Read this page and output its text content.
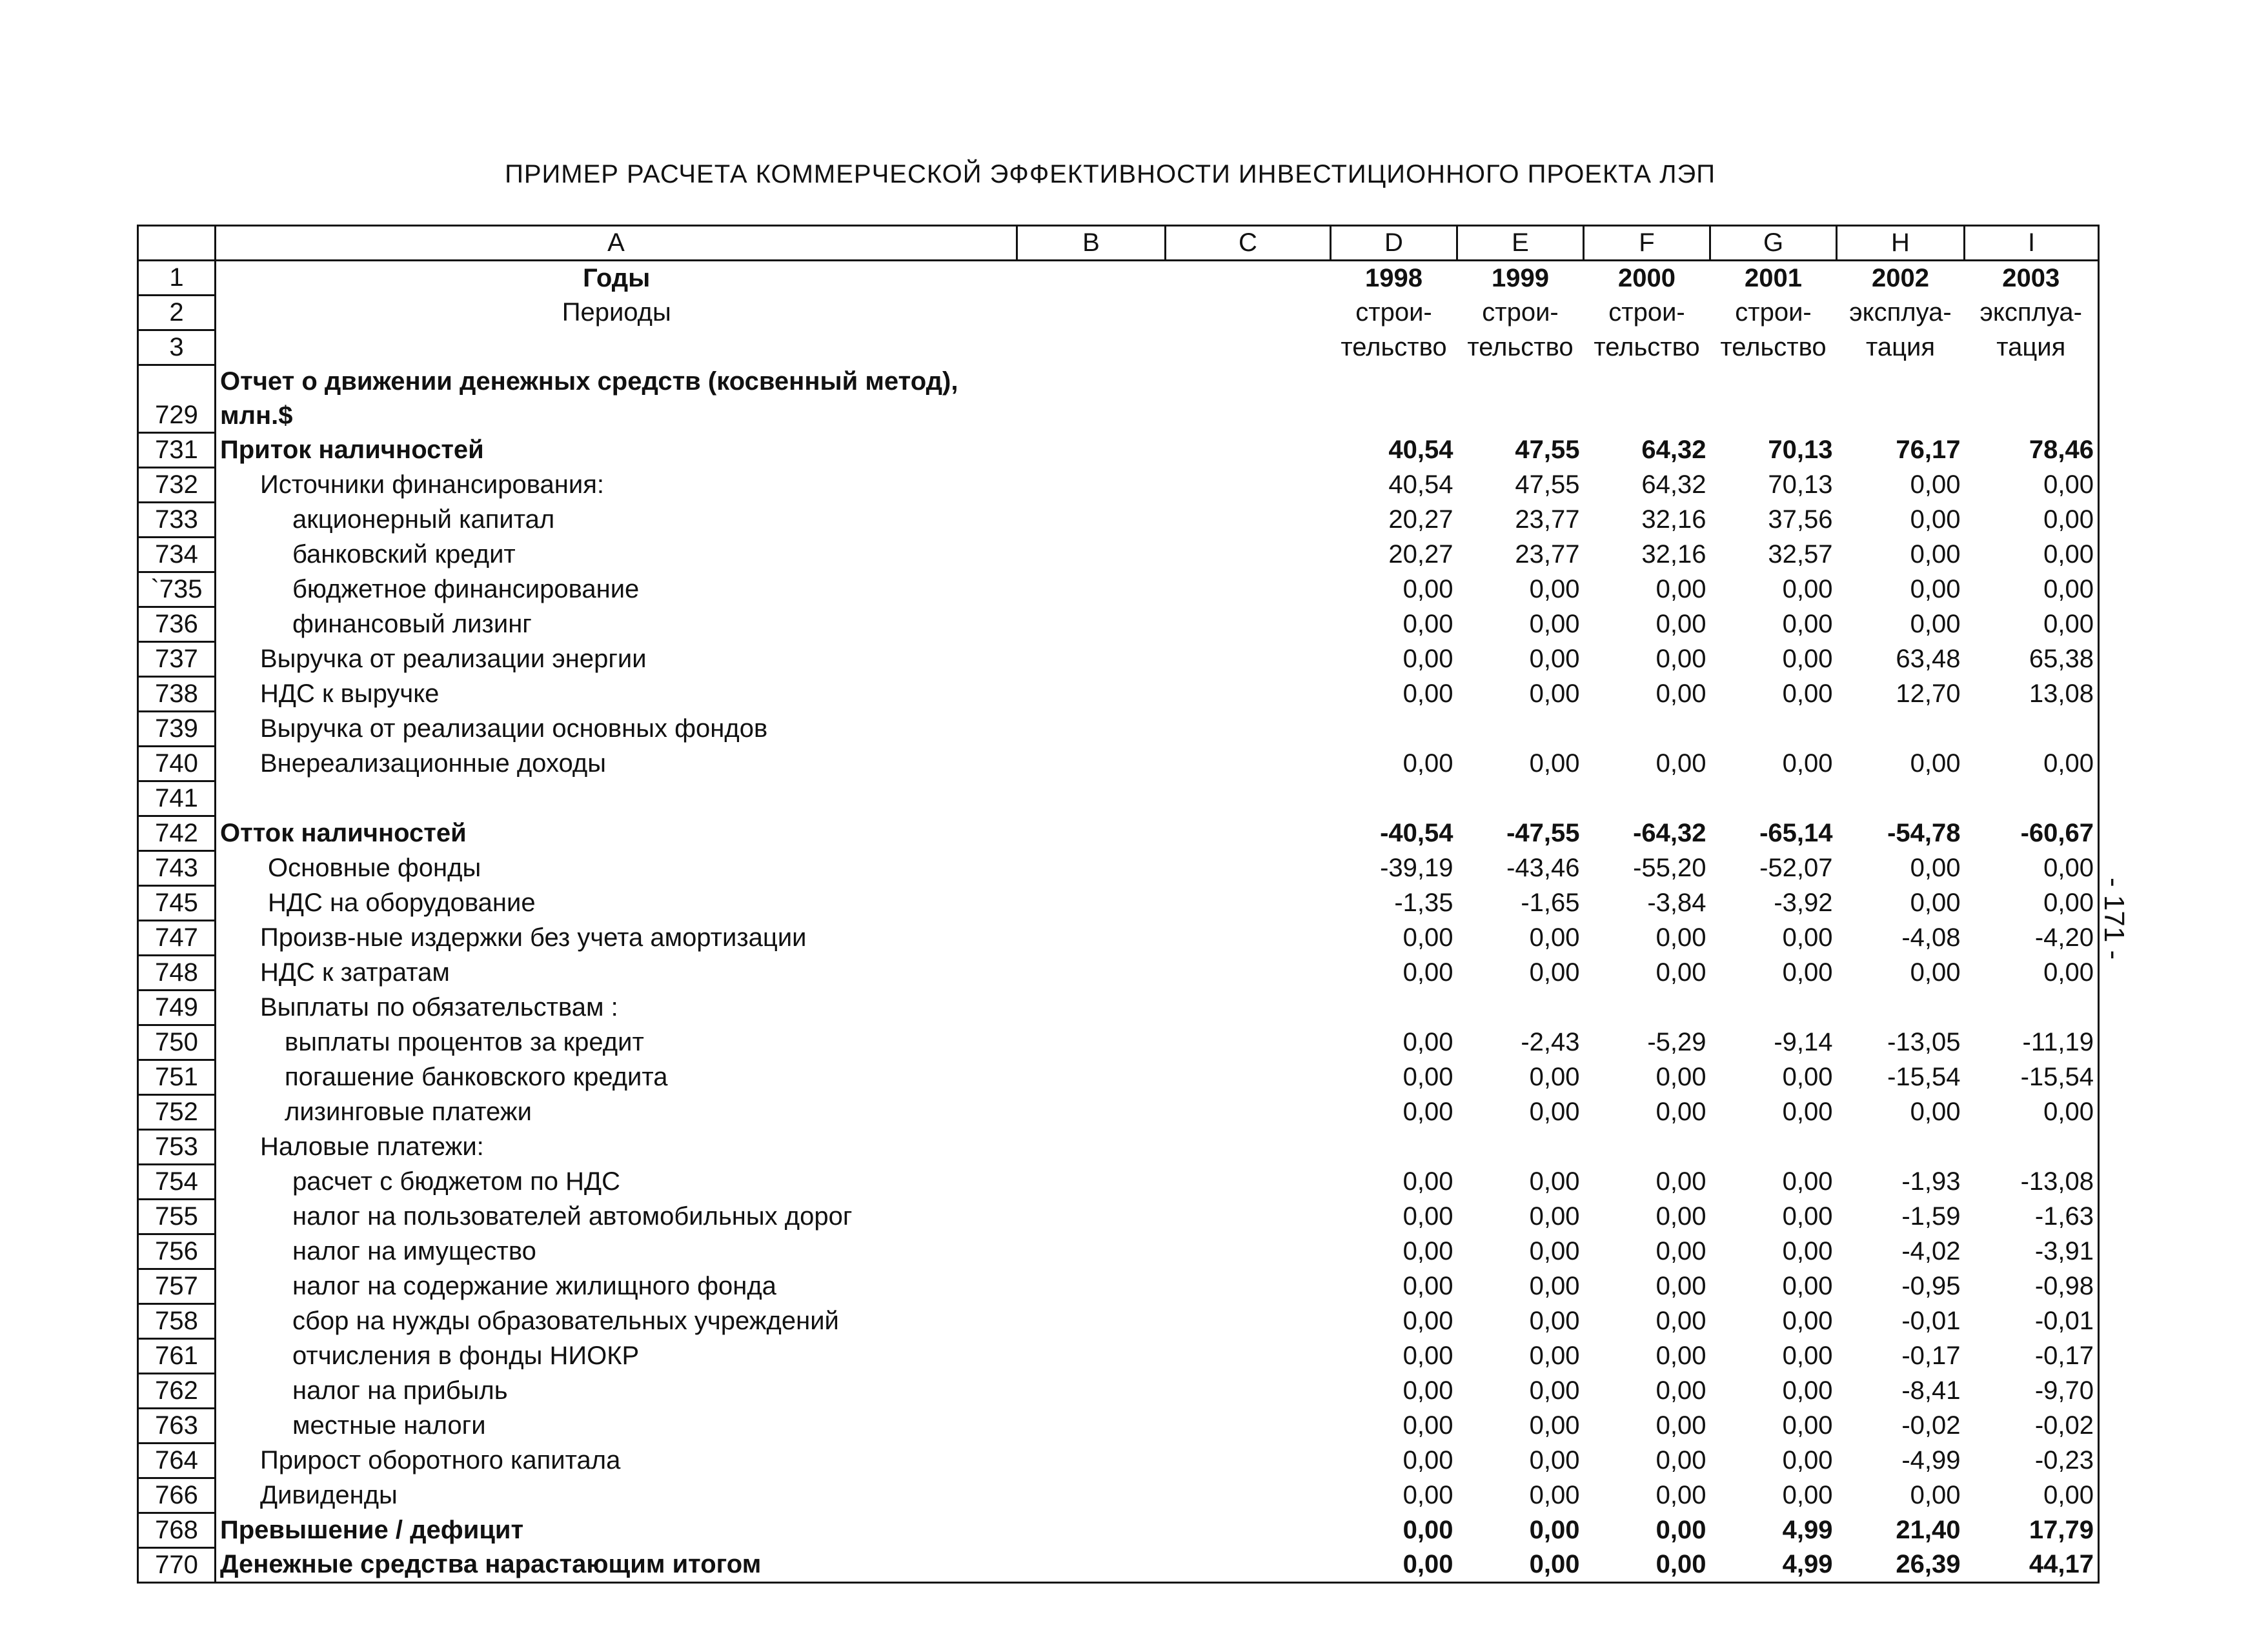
ПРИМЕР РАСЧЕТА КОММЕРЧЕСКОЙ ЭФФЕКТИВНОСТИ ИНВЕСТИЦИОННОГО ПРОЕКТА ЛЭП
- 171 -
	A	B	C	D	E	F	G	H	I
1	Годы			1998	1999	2000	2001	2002	2003
2	Периоды			строи-	строи-	строи-	строи-	эксплуа-	эксплуа-
3				тельство	тельство	тельство	тельство	тация	тация
	Отчет о движении денежных средств (косвенный метод),								
729	млн.$								
731	Приток наличностей			40,54	47,55	64,32	70,13	76,17	78,46
732	Источники финансирования:			40,54	47,55	64,32	70,13	0,00	0,00
733	акционерный капитал			20,27	23,77	32,16	37,56	0,00	0,00
734	банковский кредит			20,27	23,77	32,16	32,57	0,00	0,00
`735	бюджетное финансирование			0,00	0,00	0,00	0,00	0,00	0,00
736	финансовый лизинг			0,00	0,00	0,00	0,00	0,00	0,00
737	Выручка от реализации энергии			0,00	0,00	0,00	0,00	63,48	65,38
738	НДС к выручке			0,00	0,00	0,00	0,00	12,70	13,08
739	Выручка от реализации основных фондов								
740	Внереализационные доходы			0,00	0,00	0,00	0,00	0,00	0,00
741									
742	Отток наличностей			-40,54	-47,55	-64,32	-65,14	-54,78	-60,67
743	Основные фонды			-39,19	-43,46	-55,20	-52,07	0,00	0,00
745	НДС на оборудование			-1,35	-1,65	-3,84	-3,92	0,00	0,00
747	Произв-ные издержки без учета амортизации			0,00	0,00	0,00	0,00	-4,08	-4,20
748	НДС к затратам			0,00	0,00	0,00	0,00	0,00	0,00
749	Выплаты по обязательствам :								
750	выплаты процентов за кредит			0,00	-2,43	-5,29	-9,14	-13,05	-11,19
751	погашение банковского кредита			0,00	0,00	0,00	0,00	-15,54	-15,54
752	лизинговые платежи			0,00	0,00	0,00	0,00	0,00	0,00
753	Наловые платежи:								
754	расчет с бюджетом по НДС			0,00	0,00	0,00	0,00	-1,93	-13,08
755	налог на пользователей автомобильных дорог			0,00	0,00	0,00	0,00	-1,59	-1,63
756	налог на имущество			0,00	0,00	0,00	0,00	-4,02	-3,91
757	налог на содержание жилищного фонда			0,00	0,00	0,00	0,00	-0,95	-0,98
758	сбор на нужды образовательных учреждений			0,00	0,00	0,00	0,00	-0,01	-0,01
761	отчисления в фонды НИОКР			0,00	0,00	0,00	0,00	-0,17	-0,17
762	налог на прибыль			0,00	0,00	0,00	0,00	-8,41	-9,70
763	местные налоги			0,00	0,00	0,00	0,00	-0,02	-0,02
764	Прирост оборотного капитала			0,00	0,00	0,00	0,00	-4,99	-0,23
766	Дивиденды			0,00	0,00	0,00	0,00	0,00	0,00
768	Превышение / дефицит			0,00	0,00	0,00	4,99	21,40	17,79
770	Денежные средства нарастающим итогом			0,00	0,00	0,00	4,99	26,39	44,17
